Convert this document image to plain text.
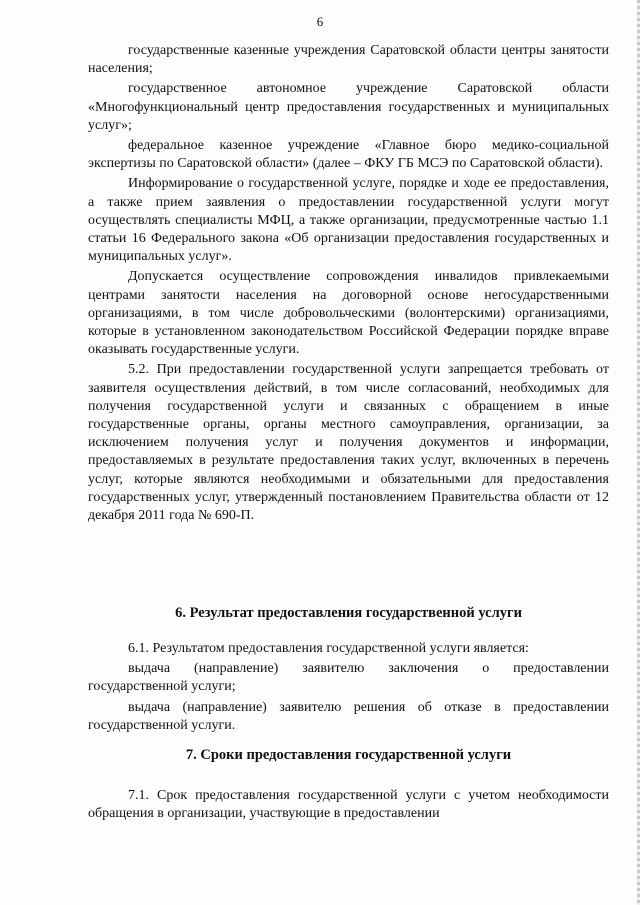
6

государственные казенные учреждения Саратовской области центры занятости населения;

государственное автономное учреждение Саратовской области «Многофункциональный центр предоставления государственных и муниципальных услуг»;

федеральное казенное учреждение «Главное бюро медико-социальной экспертизы по Саратовской области» (далее – ФКУ ГБ МСЭ по Саратовской области).

Информирование о государственной услуге, порядке и ходе ее предоставления, а также прием заявления о предоставлении государственной услуги могут осуществлять специалисты МФЦ, а также организации, предусмотренные частью 1.1 статьи 16 Федерального закона «Об организации предоставления государственных и муниципальных услуг».

Допускается осуществление сопровождения инвалидов привлекаемыми центрами занятости населения на договорной основе негосударственными организациями, в том числе добровольческими (волонтерскими) организациями, которые в установленном законодательством Российской Федерации порядке вправе оказывать государственные услуги.

5.2. При предоставлении государственной услуги запрещается требовать от заявителя осуществления действий, в том числе согласований, необходимых для получения государственной услуги и связанных с обращением в иные государственные органы, органы местного самоуправления, организации, за исключением получения услуг и получения документов и информации, предоставляемых в результате предоставления таких услуг, включенных в перечень услуг, которые являются необходимыми и обязательными для предоставления государственных услуг, утвержденный постановлением Правительства области от 12 декабря 2011 года № 690-П.

6. Результат предоставления государственной услуги

6.1. Результатом предоставления государственной услуги является:

выдача (направление) заявителю заключения о предоставлении государственной услуги;

выдача (направление) заявителю решения об отказе в предоставлении государственной услуги.

7. Сроки предоставления государственной услуги

7.1. Срок предоставления государственной услуги с учетом необходимости обращения в организации, участвующие в предоставлении
